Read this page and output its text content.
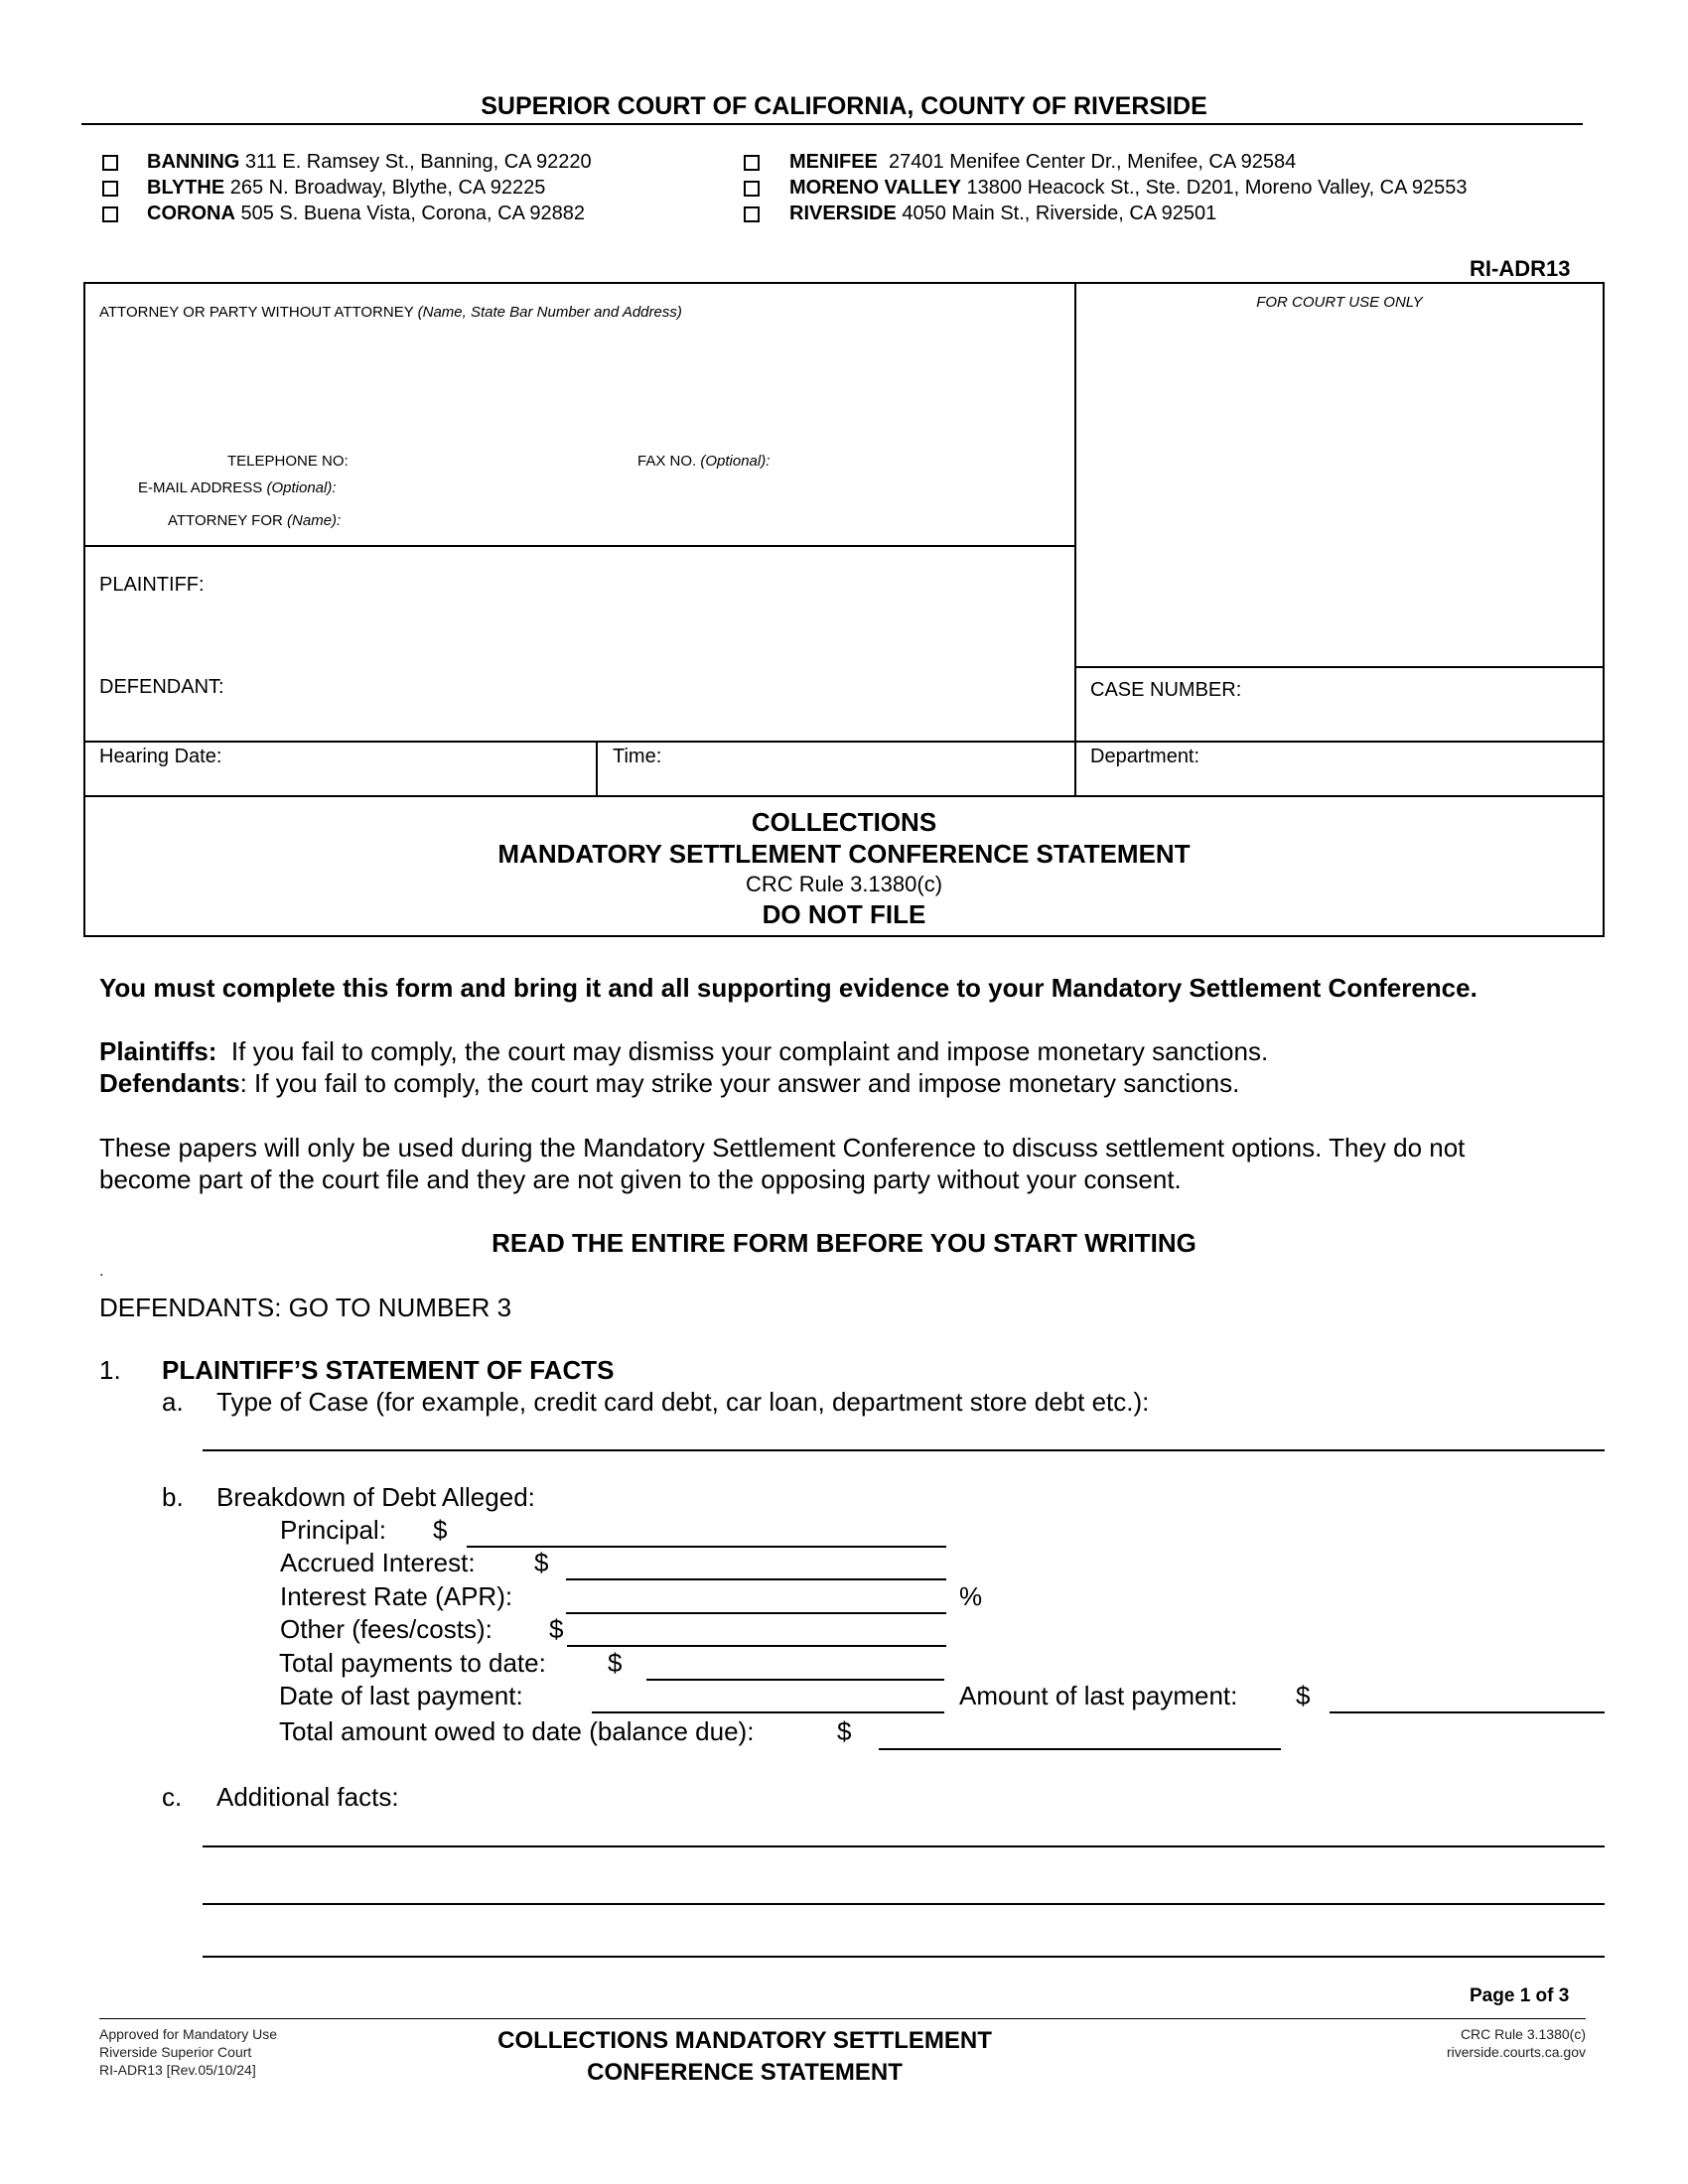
SUPERIOR COURT OF CALIFORNIA, COUNTY OF RIVERSIDE
BANNING 311 E. Ramsey St., Banning, CA 92220
BLYTHE 265 N. Broadway, Blythe, CA 92225
CORONA 505 S. Buena Vista, Corona, CA 92882
MENIFEE 27401 Menifee Center Dr., Menifee, CA 92584
MORENO VALLEY 13800 Heacock St., Ste. D201, Moreno Valley, CA 92553
RIVERSIDE 4050 Main St., Riverside, CA 92501
RI-ADR13
ATTORNEY OR PARTY WITHOUT ATTORNEY (Name, State Bar Number and Address)
TELEPHONE NO:	FAX NO. (Optional):
E-MAIL ADDRESS (Optional):
ATTORNEY FOR (Name):
FOR COURT USE ONLY
PLAINTIFF:
DEFENDANT:	CASE NUMBER:
Hearing Date:	Time:	Department:
COLLECTIONS
MANDATORY SETTLEMENT CONFERENCE STATEMENT
CRC Rule 3.1380(c)
DO NOT FILE
You must complete this form and bring it and all supporting evidence to your Mandatory Settlement Conference.
Plaintiffs: If you fail to comply, the court may dismiss your complaint and impose monetary sanctions.
Defendants: If you fail to comply, the court may strike your answer and impose monetary sanctions.
These papers will only be used during the Mandatory Settlement Conference to discuss settlement options. They do not
become part of the court file and they are not given to the opposing party without your consent.
READ THE ENTIRE FORM BEFORE YOU START WRITING
.
DEFENDANTS: GO TO NUMBER 3
1. PLAINTIFF’S STATEMENT OF FACTS
a. Type of Case (for example, credit card debt, car loan, department store debt etc.):
b. Breakdown of Debt Alleged:
Principal: $
Accrued Interest: $
Interest Rate (APR):	%
Other (fees/costs): $
Total payments to date: $
Date of last payment:	Amount of last payment: $
Total amount owed to date (balance due):	$
c. Additional facts:
Page 1 of 3
Approved for Mandatory Use
Riverside Superior Court
RI-ADR13 [Rev.05/10/24]
COLLECTIONS MANDATORY SETTLEMENT
CONFERENCE STATEMENT
CRC Rule 3.1380(c)
riverside.courts.ca.gov
